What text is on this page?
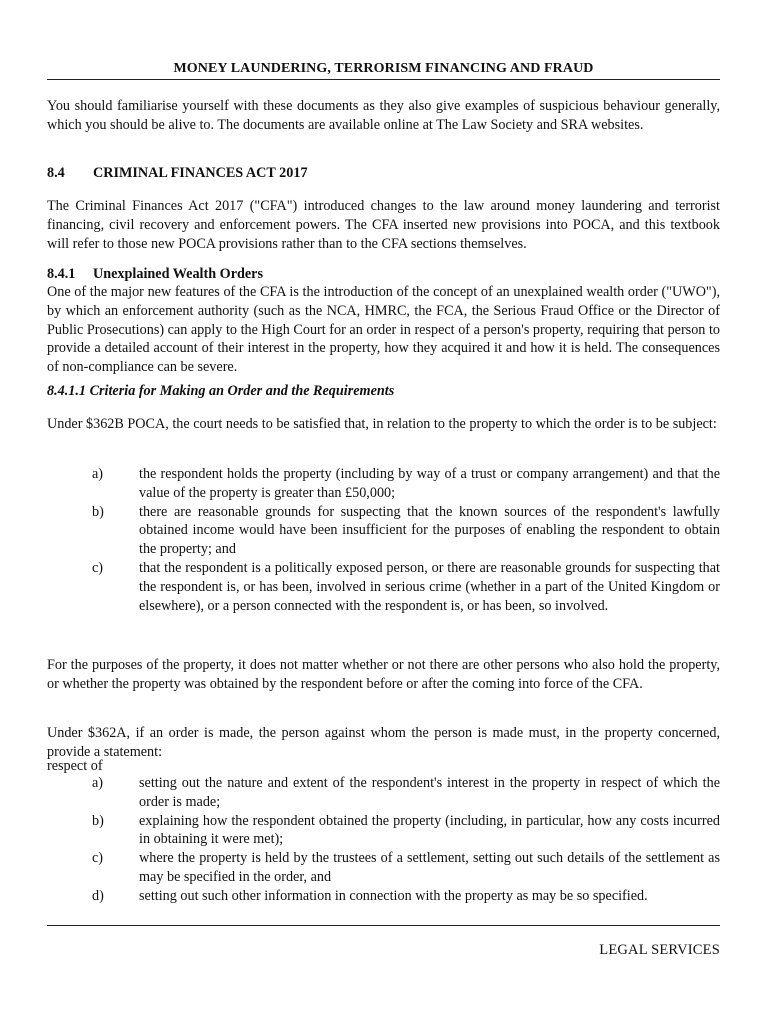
MONEY LAUNDERING, TERRORISM FINANCING AND FRAUD

You should familiarise yourself with these documents as they also give examples of suspicious behaviour generally, which you should be alive to. The documents are available online at The Law Society and SRA websites.

8.4 CRIMINAL FINANCES ACT 2017

The Criminal Finances Act 2017 ("CFA") introduced changes to the law around money laundering and terrorist financing, civil recovery and enforcement powers. The CFA inserted new provisions into POCA, and this textbook will refer to those new POCA provisions rather than to the CFA sections themselves.

8.4.1 Unexplained Wealth Orders

One of the major new features of the CFA is the introduction of the concept of an unexplained wealth order ("UWO"), by which an enforcement authority (such as the NCA, HMRC, the FCA, the Serious Fraud Office or the Director of Public Prosecutions) can apply to the High Court for an order in respect of a person's property, requiring that person to provide a detailed account of their interest in the property, how they acquired it and how it is held. The consequences of non-compliance can be severe.

8.4.1.1 Criteria for Making an Order and the Requirements

Under $362B POCA, the court needs to be satisfied that, in relation to the property to which the order is to be subject:

a)	the respondent holds the property (including by way of a trust or company arrangement) and that the value of the property is greater than £50,000;
b)	there are reasonable grounds for suspecting that the known sources of the respondent's lawfully obtained income would have been insufficient for the purposes of enabling the respondent to obtain the property; and
c)	that the respondent is a politically exposed person, or there are reasonable grounds for suspecting that the respondent is, or has been, involved in serious crime (whether in a part of the United Kingdom or elsewhere), or a person connected with the respondent is, or has been, so involved.

For the purposes of the property, it does not matter whether or not there are other persons who also hold the property, or whether the property was obtained by the respondent before or after the coming into force of the CFA.

Under $362A, if an order is made, the person against whom the person is made must, in the property concerned, provide a statement:

respect of

a)	setting out the nature and extent of the respondent's interest in the property in respect of which the order is made;
b)	explaining how the respondent obtained the property (including, in particular, how any costs incurred in obtaining it were met);
c)	where the property is held by the trustees of a settlement, setting out such details of the settlement as may be specified in the order, and
d)	setting out such other information in connection with the property as may be so specified.
LEGAL SERVICES
